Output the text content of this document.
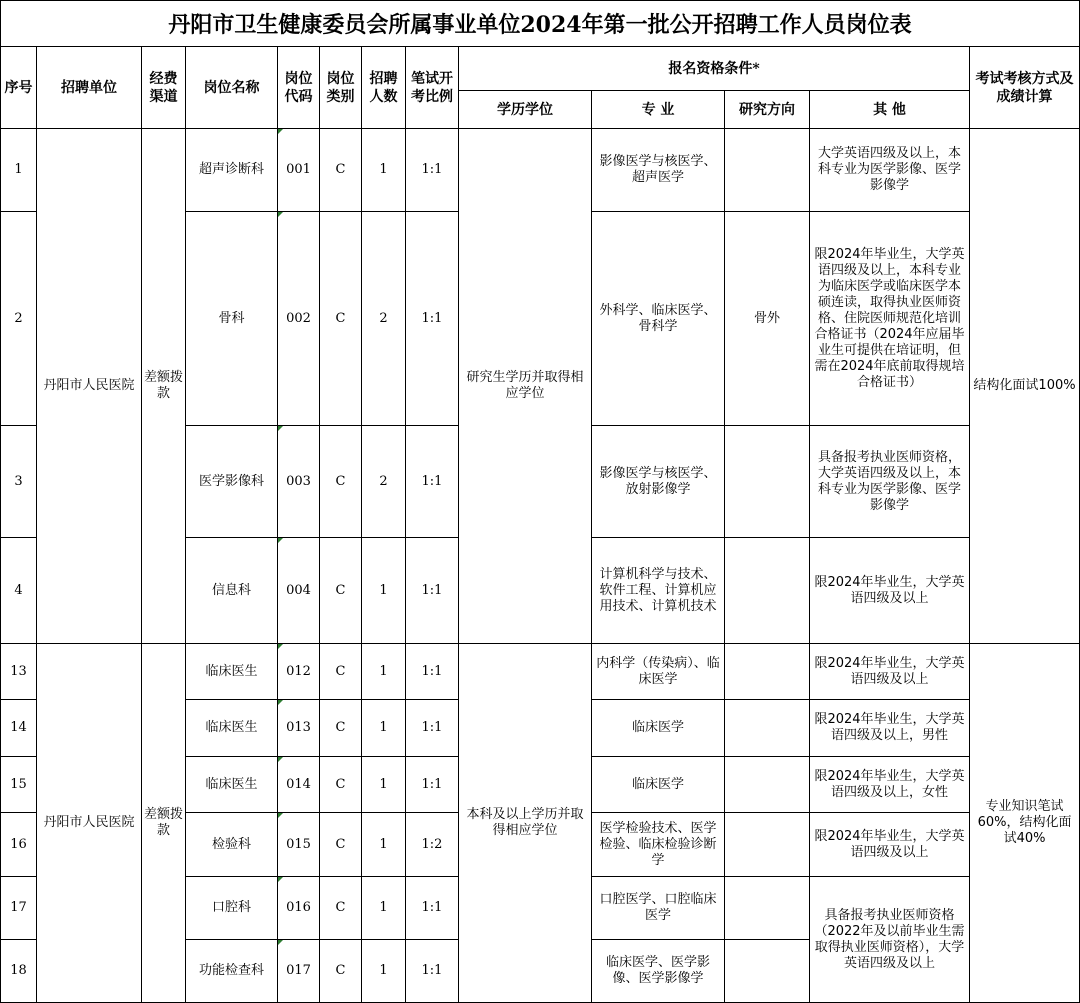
丹阳市卫生健康委员会所属事业单位2024年第一批公开招聘工作人员岗位表
序号	招聘单位	经费渠道	岗位名称	岗位代码	岗位类别	招聘人数	笔试开考比例	报名资格条件*				考试考核方式及成绩计算
								学历学位	专 业	研究方向	其 他	
1	丹阳市人民医院	差额拨款	超声诊断科	001	C	1	1:1	研究生学历并取得相应学位	影像医学与核医学、超声医学		大学英语四级及以上，本科专业为医学影像、医学影像学	结构化面试100%
2			骨科	002	C	2	1:1		外科学、临床医学、骨科学	骨外	限2024年毕业生，大学英语四级及以上，本科专业为临床医学或临床医学本硕连读，取得执业医师资格、住院医师规范化培训合格证书（2024年应届毕业生可提供在培证明，但需在2024年底前取得规培合格证书）	
3			医学影像科	003	C	2	1:1		影像医学与核医学、放射影像学		具备报考执业医师资格，大学英语四级及以上，本科专业为医学影像、医学影像学	
4			信息科	004	C	1	1:1		计算机科学与技术、软件工程、计算机应用技术、计算机技术		限2024年毕业生，大学英语四级及以上	
13	丹阳市人民医院	差额拨款	临床医生	012	C	1	1:1	本科及以上学历并取得相应学位	内科学（传染病）、临床医学		限2024年毕业生，大学英语四级及以上	专业知识笔试60%，结构化面试40%
14			临床医生	013	C	1	1:1		临床医学		限2024年毕业生，大学英语四级及以上，男性	
15			临床医生	014	C	1	1:1		临床医学		限2024年毕业生，大学英语四级及以上，女性	
16			检验科	015	C	1	1:2		医学检验技术、医学检验、临床检验诊断学		限2024年毕业生，大学英语四级及以上	
17			口腔科	016	C	1	1:1		口腔医学、口腔临床医学		具备报考执业医师资格（2022年及以前毕业生需取得执业医师资格），大学英语四级及以上	
18			功能检查科	017	C	1	1:1		临床医学、医学影像、医学影像学			
